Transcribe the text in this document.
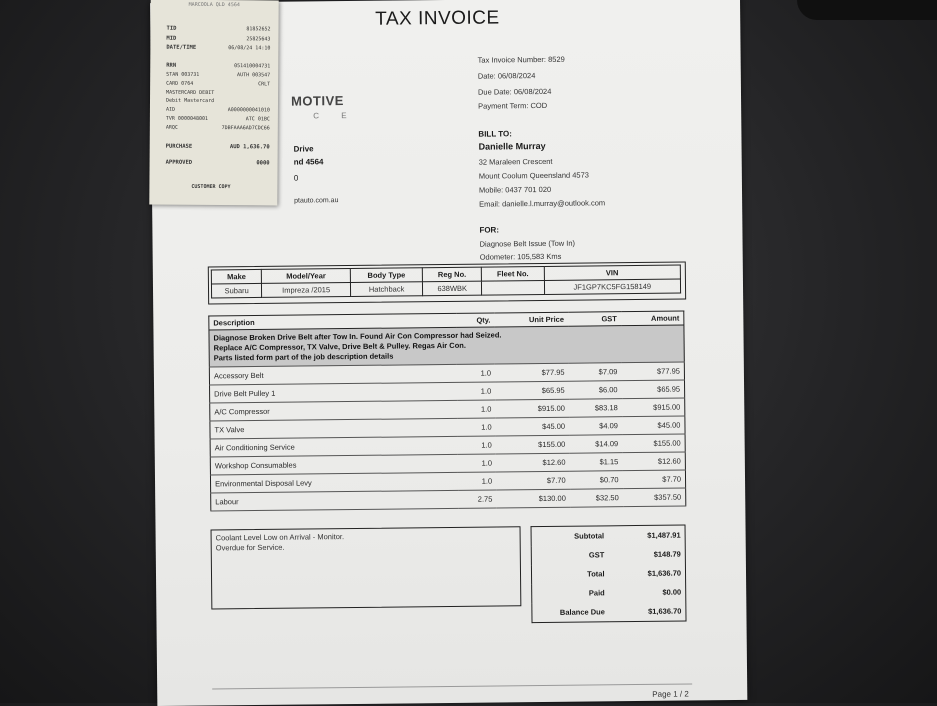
TAX INVOICE
MOTIVE
C E
Drive
nd 4564
0
ptauto.com.au
Tax Invoice Number: 8529
Date: 06/08/2024
Due Date: 06/08/2024
Payment Term: COD
BILL TO:
Danielle Murray
32 Maraleen Crescent
Mount Coolum Queensland 4573
Mobile: 0437 701 020
Email: danielle.l.murray@outlook.com
FOR:
Diagnose Belt Issue (Tow In)
Odometer: 105,583 Kms
Make	Model/Year	Body Type	Reg No.	Fleet No.	VIN
Subaru	Impreza /2015	Hatchback	638WBK		JF1GP7KC5FG158149
Description	Qty.	Unit Price	GST	Amount

Diagnose Broken Drive Belt after Tow In. Found Air Con Compressor had Seized.
Replace A/C Compressor, TX Valve, Drive Belt & Pulley. Regas Air Con.
Parts listed form part of the job description details				

Accessory Belt	1.0	$77.95	$7.09	$77.95
Drive Belt Pulley 1	1.0	$65.95	$6.00	$65.95
A/C Compressor	1.0	$915.00	$83.18	$915.00
TX Valve	1.0	$45.00	$4.09	$45.00
Air Conditioning Service	1.0	$155.00	$14.09	$155.00
Workshop Consumables	1.0	$12.60	$1.15	$12.60
Environmental Disposal Levy	1.0	$7.70	$0.70	$7.70
Labour	2.75	$130.00	$32.50	$357.50
Coolant Level Low on Arrival - Monitor.
Overdue for Service.
Subtotal	$1,487.91
GST	$148.79
Total	$1,636.70
Paid	$0.00
Balance Due	$1,636.70
Page 1 / 2
MARCOOLA QLD 4564
TID	81852652
MID	25825643
DATE/TIME	06/08/24 14:10
RRN	051410004731
STAN 003731	AUTH 003547
CARD 0764	CRLT
MASTERCARD DEBIT
Debit Mastercard
AID	A0000000041010
TVR 0000048001	ATC 01BC
ARQC	7DBFAAA6AD7CDC66
PURCHASE	AUD 1,636.70
APPROVED	0000
CUSTOMER COPY
